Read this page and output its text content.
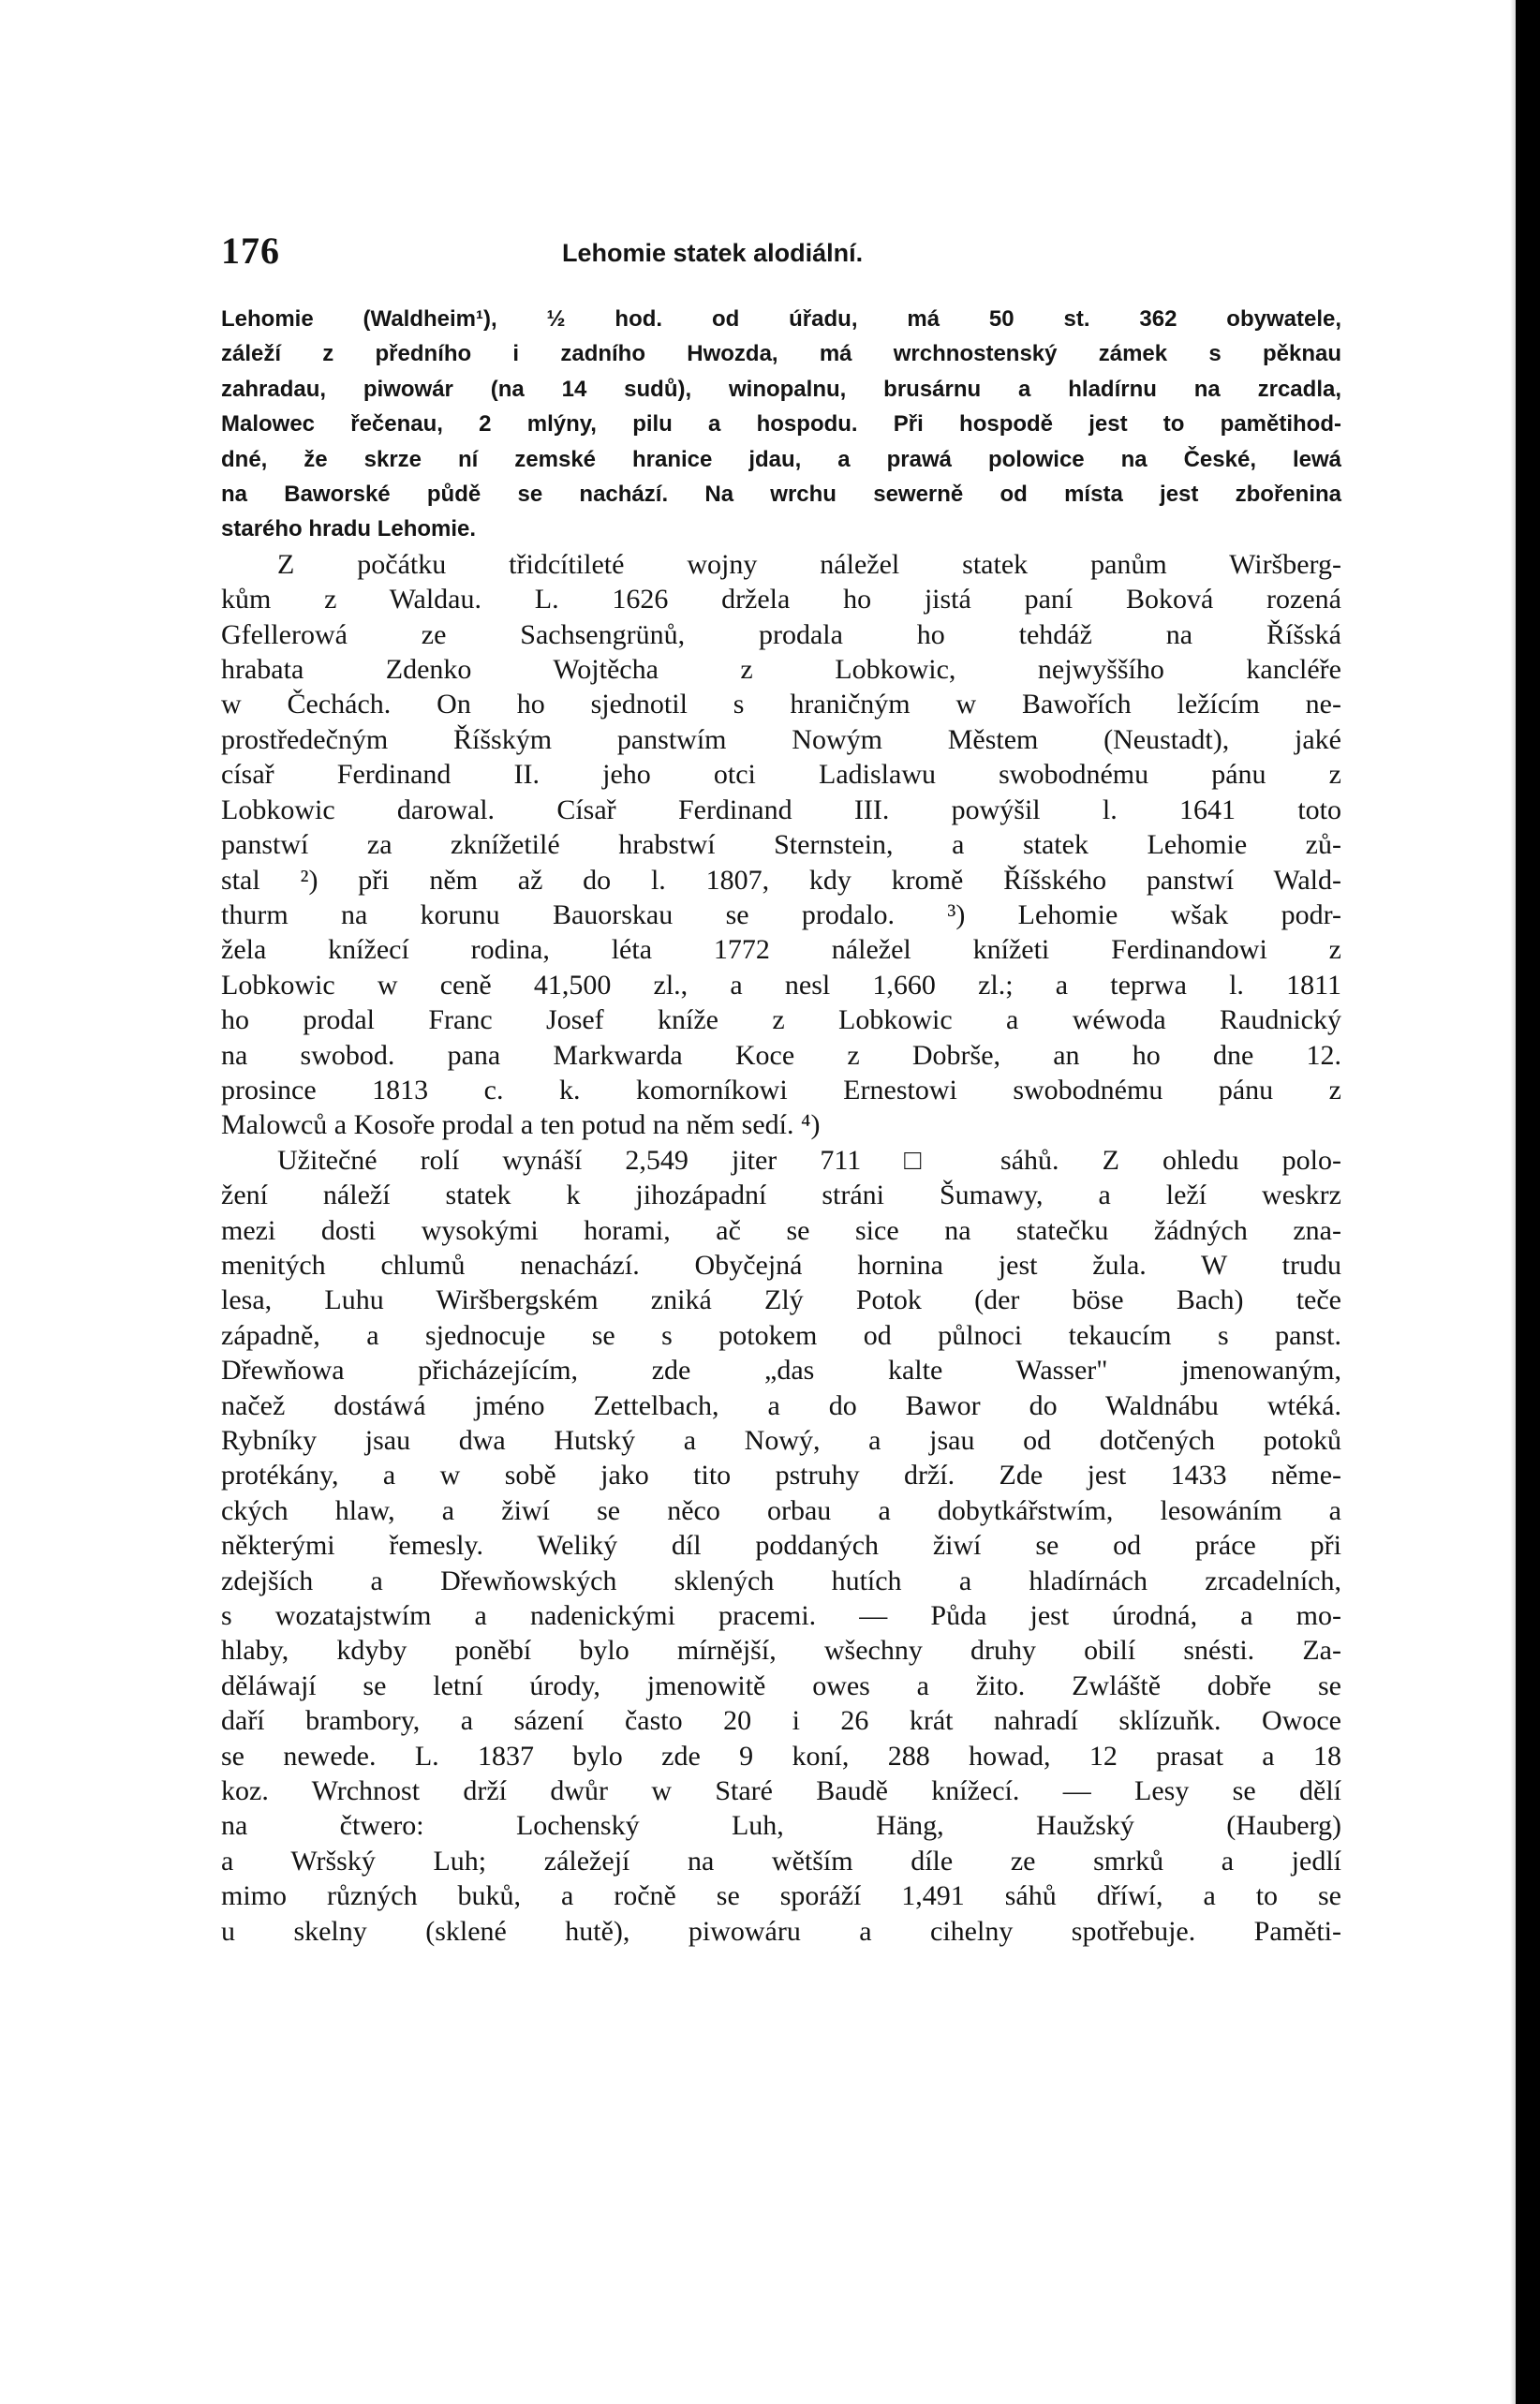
176	Lehomie statek alodiální.
Lehomie (Waldheim¹), ½ hod. od úřadu, má 50 st. 362 obywatele,
záleží z předního i zadního Hwozda, má wrchnostenský zámek s pěknau
zahradau, piwowár (na 14 sudů), winopalnu, brusárnu a hladírnu na zrcadla,
Malowec řečenau, 2 mlýny, pilu a hospodu. Při hospodě jest to pamětihod-
dné, že skrze ní zemské hranice jdau, a prawá polowice na České, lewá
na Baworské půdě se nachází. Na wrchu sewerně od místa jest zbořenina
starého hradu Lehomie.
Z počátku třidcítileté wojny náležel statek panům Wiršberg-
kům z Waldau. L. 1626 držela ho jistá paní Boková rozená
Gfellerowá ze Sachsengrünů, prodala ho tehdáž na Říšská
hrabata Zdenko Wojtěcha z Lobkowic, nejwyššího kancléře
w Čechách. On ho sjednotil s hraničným w Bawořích ležícím ne-
prostředečným Říšským panstwím Nowým Městem (Neustadt), jaké
císař Ferdinand II. jeho otci Ladislawu swobodnému pánu z
Lobkowic darowal. Císař Ferdinand III. powýšil l. 1641 toto
panstwí za zknížetilé hrabstwí Sternstein, a statek Lehomie zů-
stal ²) při něm až do l. 1807, kdy kromě Říšského panstwí Wald-
thurm na korunu Bauorskau se prodalo. ³) Lehomie wšak podr-
žela knížecí rodina, léta 1772 náležel knížeti Ferdinandowi z
Lobkowic w ceně 41,500 zl., a nesl 1,660 zl.; a teprwa l. 1811
ho prodal Franc Josef kníže z Lobkowic a wéwoda Raudnický
na swobod. pana Markwarda Koce z Dobrše, an ho dne 12.
prosince 1813 c. k. komorníkowi Ernestowi swobodnému pánu z
Malowců a Kosoře prodal a ten potud na něm sedí. ⁴)
Užitečné rolí wynáší 2,549 jiter 711 □ sáhů. Z ohledu polo-
žení náleží statek k jihozápadní stráni Šumawy, a leží weskrz
mezi dosti wysokými horami, ač se sice na statečku žádných zna-
menitých chlumů nenachází. Obyčejná hornina jest žula. W trudu
lesa, Luhu Wiršbergském zniká Zlý Potok (der böse Bach) teče
západně, a sjednocuje se s potokem od půlnoci tekaucím s panst.
Dřewňowa přicházejícím, zde „das kalte Wasser" jmenowaným,
načež dostáwá jméno Zettelbach, a do Bawor do Waldnábu wtéká.
Rybníky jsau dwa Hutský a Nowý, a jsau od dotčených potoků
protékány, a w sobě jako tito pstruhy drží. Zde jest 1433 něme-
ckých hlaw, a žiwí se něco orbau a dobytkářstwím, lesowáním a
některými řemesly. Weliký díl poddaných žiwí se od práce při
zdejších a Dřewňowských sklených hutích a hladírnách zrcadelních,
s wozatajstwím a nadenickými pracemi. — Půda jest úrodná, a mo-
hlaby, kdyby poněbí bylo mírnější, wšechny druhy obilí snésti. Za-
děláwají se letní úrody, jmenowitě owes a žito. Zwláště dobře se
daří brambory, a sázení často 20 i 26 krát nahradí sklízuňk. Owoce
se newede. L. 1837 bylo zde 9 koní, 288 howad, 12 prasat a 18
koz. Wrchnost drží dwůr w Staré Baudě knížecí. — Lesy se dělí
na čtwero: Lochenský Luh, Häng, Haužský (Hauberg)
a Wršský Luh; záležejí na wětším díle ze smrků a jedlí
mimo různých buků, a ročně se sporáží 1,491 sáhů dříwí, a to se
u skelny (sklené hutě), piwowáru a cihelny spotřebuje. Paměti-
